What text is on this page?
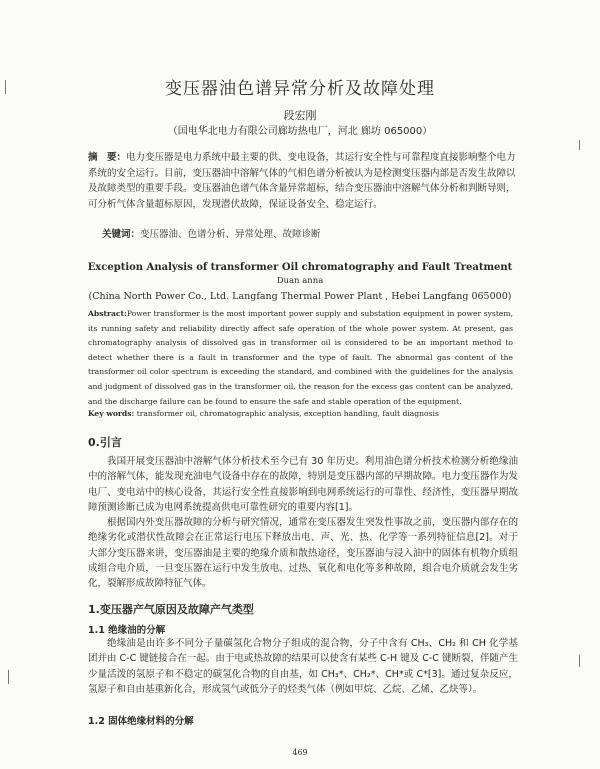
变压器油色谱异常分析及故障处理
段宏刚
（国电华北电力有限公司廊坊热电厂，河北 廊坊 065000）
摘　要：电力变压器是电力系统中最主要的供、变电设备，其运行安全性与可靠程度直接影响整个电力系统的安全运行。目前，变压器油中溶解气体的气相色谱分析被认为是检测变压器内部是否发生故障以及故障类型的重要手段。变压器油色谱气体含量异常超标，结合变压器油中溶解气体分析和判断导则，可分析气体含量超标原因，发现潜伏故障，保证设备安全、稳定运行。
关键词：变压器油、色谱分析、异常处理、故障诊断
Exception Analysis of transformer Oil chromatography and Fault Treatment
Duan anna
(China North Power Co., Ltd. Langfang Thermal Power Plant , Hebei Langfang 065000)
Abstract:Power transformer is the most important power supply and substation equipment in power system, its running safety and reliability directly affect safe operation of the whole power system. At present, gas chromatography analysis of dissolved gas in transformer oil is considered to be an important method to detect whether there is a fault in transformer and the type of fault. The abnormal gas content of the transformer oil color spectrum is exceeding the standard, and combined with the guidelines for the analysis and judgment of dissolved gas in the transformer oil, the reason for the excess gas content can be analyzed, and the discharge failure can be found to ensure the safe and stable operation of the equipment.
Key words: transformer oil, chromatographic analysis, exception handling, fault diagnosis
0.引言
我国开展变压器油中溶解气体分析技术至今已有 30 年历史。利用油色谱分析技术检测分析绝缘油中的溶解气体，能发现充油电气设备中存在的故障，特别是变压器内部的早期故障。电力变压器作为发电厂、变电站中的核心设备，其运行安全性直接影响到电网系统运行的可靠性、经济性，变压器早期故障预测诊断已成为电网系统提高供电可靠性研究的重要内容[1]。
根据国内外变压器故障的分析与研究情况，通常在变压器发生突发性事故之前，变压器内部存在的绝缘劣化或潜伏性故障会在正常运行电压下释放出电、声、光、热、化学等一系列特征信息[2]。对于大部分变压器来讲，变压器油是主要的绝缘介质和散热途径，变压器油与浸入油中的固体有机物介质组成组合电介质，一旦变压器在运行中发生放电、过热、氧化和电化等多种故障，组合电介质就会发生劣化，裂解形成故障特征气体。
1.变压器产气原因及故障产气类型
1.1 绝缘油的分解
绝缘油是由许多不同分子量碳氢化合物分子组成的混合物，分子中含有 CH₃、CH₂ 和 CH 化学基团并由 C-C 键链接合在一起。由于电或热故障的结果可以使含有某些 C-H 键及 C-C 键断裂，伴随产生少量活泼的氢原子和不稳定的碳氢化合物的自由基，如 CH₃*、CH₂*、CH*或 C*[3]。通过复杂反应，氢原子和自由基重新化合，形成氢气或低分子的烃类气体（例如甲烷、乙烷、乙烯、乙炔等）。
1.2 固体绝缘材料的分解
469
